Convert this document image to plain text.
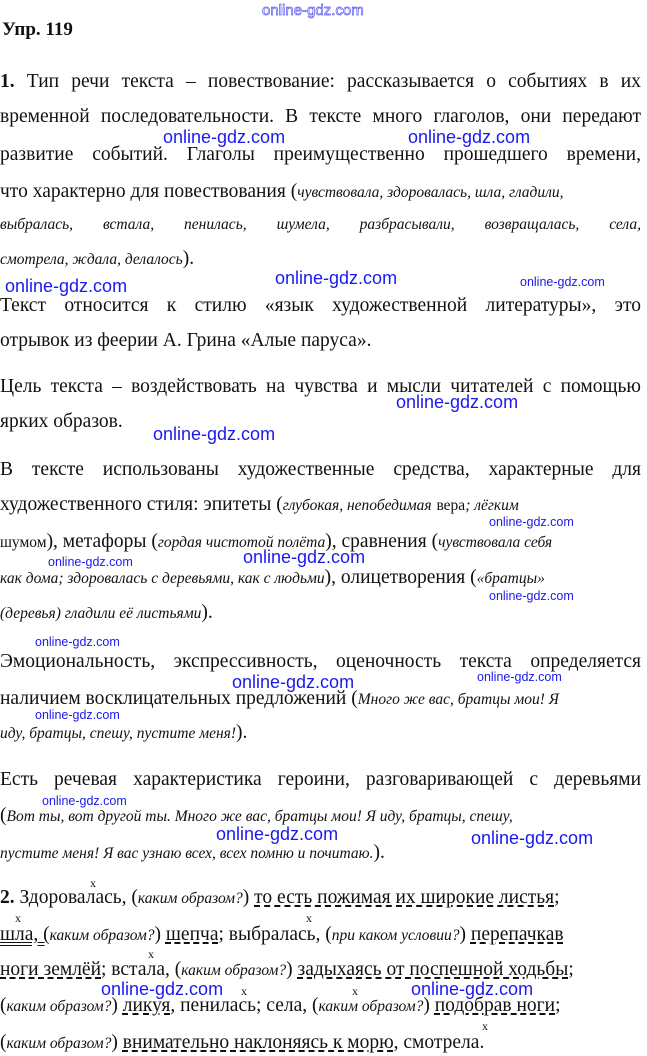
online-gdz.com
online-gdz.com	online-gdz.com
online-gdz.com	online-gdz.com	online-gdz.com
online-gdz.com
online-gdz.com
online-gdz.com
online-gdz.com
online-gdz.com
online-gdz.com
online-gdz.com
online-gdz.com	online-gdz.com
online-gdz.com
online-gdz.com
online-gdz.com	online-gdz.com
online-gdz.com	online-gdz.com
Упр. 119
1. Тип речи текста – повествование: рассказывается о событиях в их
временной последовательности. В тексте много глаголов, они передают
развитие событий. Глаголы преимущественно прошедшего времени,
что характерно для повествования (чувствовала, здоровалась, шла, гладили,
выбралась, встала, пенилась, шумела, разбрасывали, возвращалась, села,
смотрела, ждала, делалось).
Текст относится к стилю «язык художественной литературы», это
отрывок из феерии А. Грина «Алые паруса».
Цель текста – воздействовать на чувства и мысли читателей с помощью
ярких образов.
В тексте использованы художественные средства, характерные для
художественного стиля: эпитеты (глубокая, непобедимая вера; лёгким
шумом), метафоры (гордая чистотой полёта), сравнения (чувствовала себя
как дома; здоровалась с деревьями, как с людьми), олицетворения («братцы»
(деревья) гладили её листьями).
Эмоциональность, экспрессивность, оценочность текста определяется
наличием восклицательных предложений (Много же вас, братцы мои! Я
иду, братцы, спешу, пустите меня!).
Есть речевая характеристика героини, разговаривающей с деревьями
(Вот ты, вот другой ты. Много же вас, братцы мои! Я иду, братцы, спешу,
пустите меня! Я вас узнаю всех, всех помню и почитаю.).
2. Здоровалась, (каким образом?) то есть пожимая их широкие листья;
шла, (каким образом?) шепча; выбралась, (при каком условии?) перепачкав
ноги землёй; встала, (каким образом?) задыхаясь от поспешной ходьбы;
(каким образом?) ликуя, пенилась; села, (каким образом?) подобрав ноги;
(каким образом?) внимательно наклоняясь к морю, смотрела.
x
x	x
x
x	x
x
